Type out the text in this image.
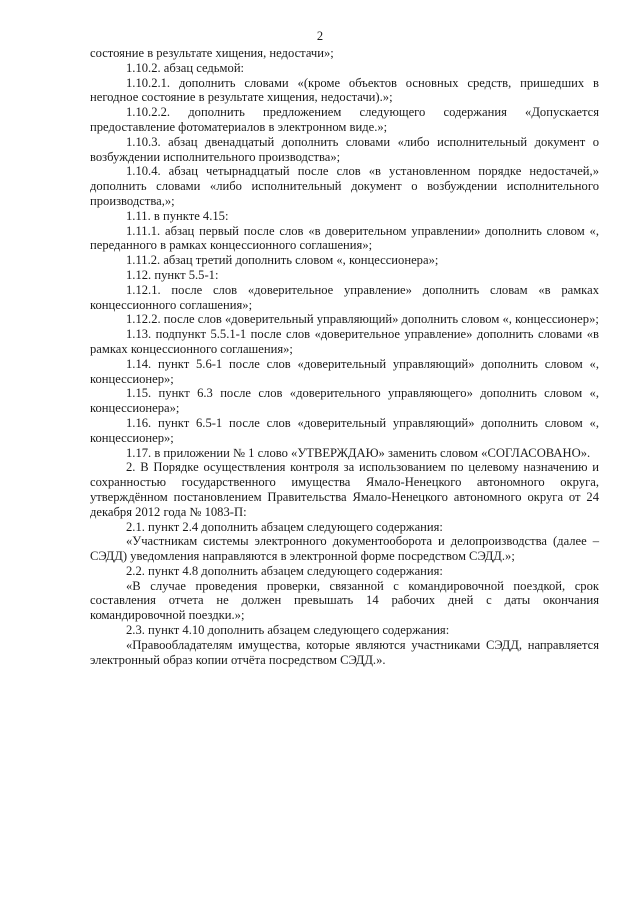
2

состояние в результате хищения, недостачи»;

1.10.2. абзац седьмой:

1.10.2.1. дополнить словами «(кроме объектов основных средств, пришедших в негодное состояние в результате хищения, недостачи).»;

1.10.2.2. дополнить предложением следующего содержания «Допускается предоставление фотоматериалов в электронном виде.»;

1.10.3. абзац двенадцатый дополнить словами «либо исполнительный документ о возбуждении исполнительного производства»;

1.10.4. абзац четырнадцатый после слов «в установленном порядке недостачей,» дополнить словами «либо исполнительный документ о возбуждении исполнительного производства,»;

1.11. в пункте 4.15:

1.11.1. абзац первый после слов «в доверительном управлении» дополнить словом «, переданного в рамках концессионного соглашения»;

1.11.2. абзац третий дополнить словом «, концессионера»;

1.12. пункт 5.5-1:

1.12.1. после слов «доверительное управление» дополнить словам «в рамках концессионного соглашения»;

1.12.2. после слов «доверительный управляющий» дополнить словом «, концессионер»;

1.13. подпункт 5.5.1-1 после слов «доверительное управление» дополнить словами «в рамках концессионного соглашения»;

1.14. пункт 5.6-1 после слов «доверительный управляющий» дополнить словом «, концессионер»;

1.15. пункт 6.3 после слов «доверительного управляющего» дополнить словом «, концессионера»;

1.16. пункт 6.5-1 после слов «доверительный управляющий» дополнить словом «, концессионер»;

1.17. в приложении № 1 слово «УТВЕРЖДАЮ» заменить словом «СОГЛАСОВАНО».

2. В Порядке осуществления контроля за использованием по целевому назначению и сохранностью государственного имущества Ямало-Ненецкого автономного округа, утверждённом постановлением Правительства Ямало-Ненецкого автономного округа от 24 декабря 2012 года № 1083-П:

2.1. пункт 2.4 дополнить абзацем следующего содержания:

«Участникам системы электронного документооборота и делопроизводства (далее – СЭДД) уведомления направляются в электронной форме посредством СЭДД.»;

2.2. пункт 4.8 дополнить абзацем следующего содержания:

«В случае проведения проверки, связанной с командировочной поездкой, срок составления отчета не должен превышать 14 рабочих дней с даты окончания командировочной поездки.»;

2.3. пункт 4.10 дополнить абзацем следующего содержания:

«Правообладателям имущества, которые являются участниками СЭДД, направляется электронный образ копии отчёта посредством СЭДД.».
